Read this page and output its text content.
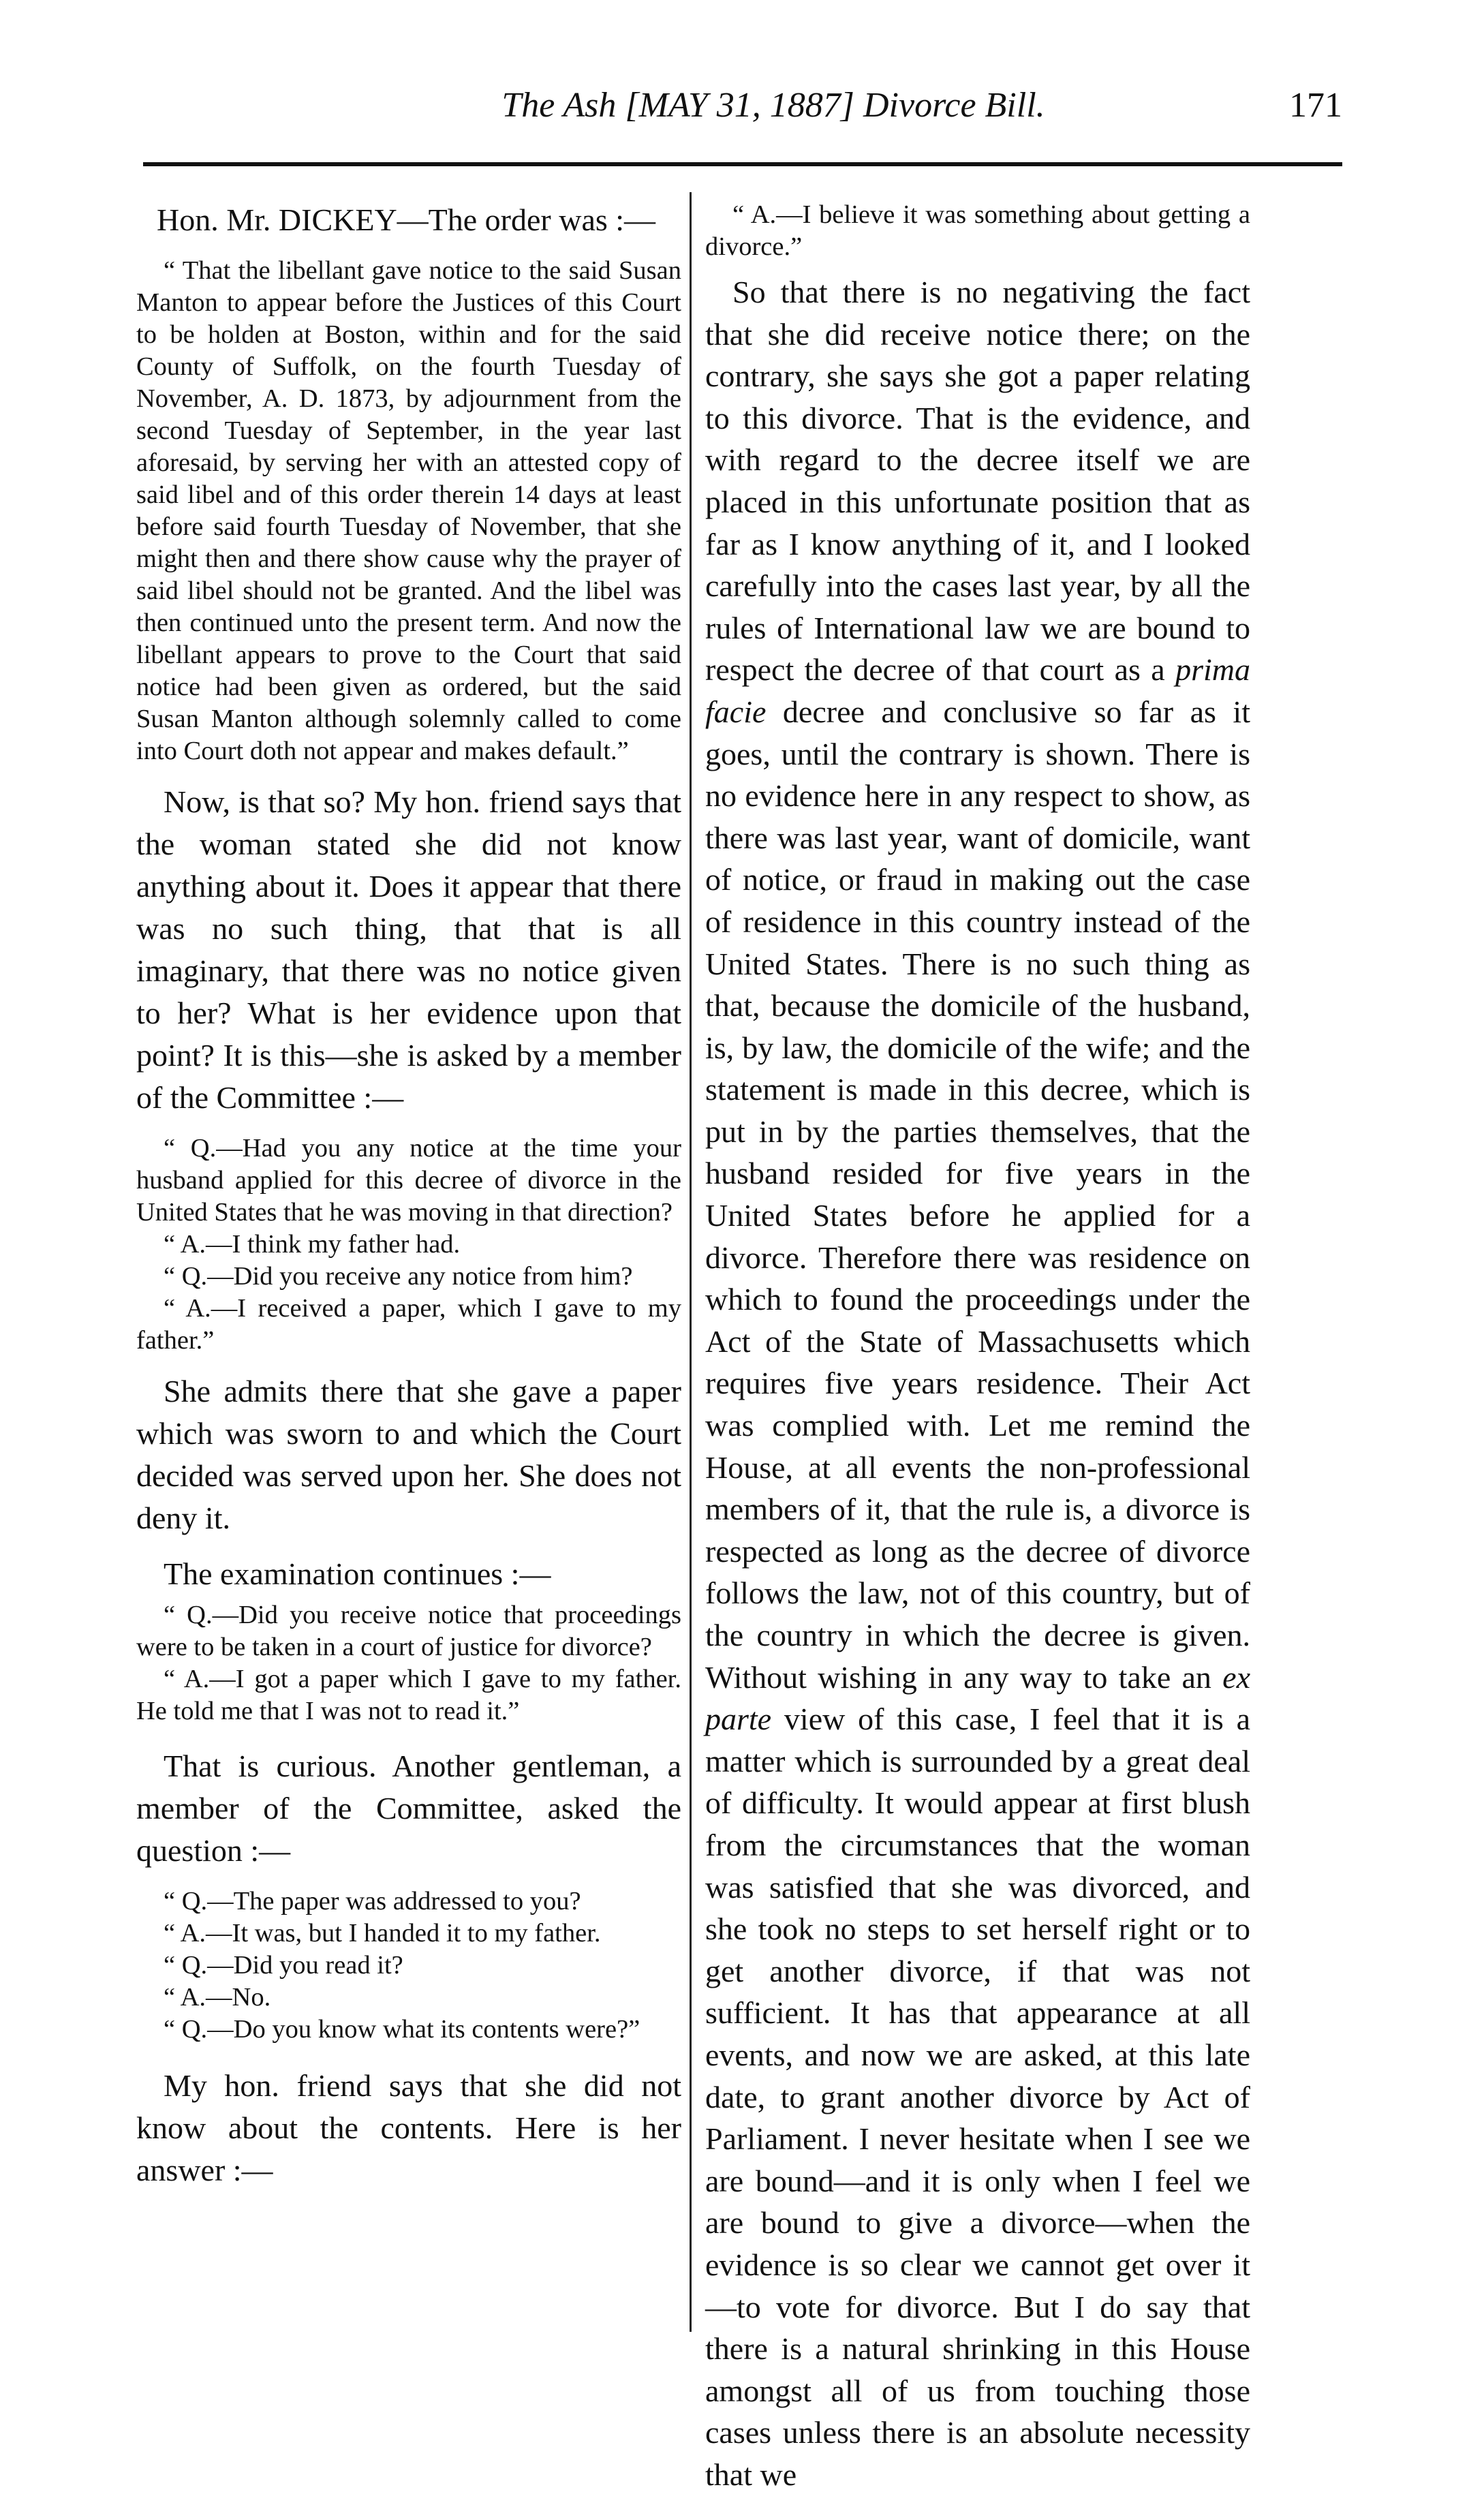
The Ash [MAY 31, 1887] Divorce Bill.	171

Hon. Mr. DICKEY—The order was :—

“ That the libellant gave notice to the said Susan Manton to appear before the Justices of this Court to be holden at Boston, within and for the said County of Suffolk, on the fourth Tuesday of November, A. D. 1873, by adjournment from the second Tuesday of September, in the year last aforesaid, by serving her with an attested copy of said libel and of this order therein 14 days at least before said fourth Tuesday of November, that she might then and there show cause why the prayer of said libel should not be granted. And the libel was then continued unto the present term. And now the libellant appears to prove to the Court that said notice had been given as ordered, but the said Susan Manton although solemnly called to come into Court doth not appear and makes default.”

Now, is that so? My hon. friend says that the woman stated she did not know anything about it. Does it appear that there was no such thing, that that is all imaginary, that there was no notice given to her? What is her evidence upon that point? It is this—she is asked by a member of the Committee :—

“ Q.—Had you any notice at the time your husband applied for this decree of divorce in the United States that he was moving in that direction?

“ A.—I think my father had.

“ Q.—Did you receive any notice from him?

“ A.—I received a paper, which I gave to my father.”

She admits there that she gave a paper which was sworn to and which the Court decided was served upon her. She does not deny it.

The examination continues :—

“ Q.—Did you receive notice that proceedings were to be taken in a court of justice for divorce?

“ A.—I got a paper which I gave to my father. He told me that I was not to read it.”

That is curious. Another gentleman, a member of the Committee, asked the question :—

“ Q.—The paper was addressed to you?

“ A.—It was, but I handed it to my father.

“ Q.—Did you read it?

“ A.—No.

“ Q.—Do you know what its contents were?”

My hon. friend says that she did not know about the contents. Here is her answer :—

“ A.—I believe it was something about getting a divorce.”

So that there is no negativing the fact that she did receive notice there; on the contrary, she says she got a paper relating to this divorce. That is the evidence, and with regard to the decree itself we are placed in this unfortunate position that as far as I know anything of it, and I looked carefully into the cases last year, by all the rules of International law we are bound to respect the decree of that court as a prima facie decree and conclusive so far as it goes, until the contrary is shown. There is no evidence here in any respect to show, as there was last year, want of domicile, want of notice, or fraud in making out the case of residence in this country instead of the United States. There is no such thing as that, because the domicile of the husband, is, by law, the domicile of the wife; and the statement is made in this decree, which is put in by the parties themselves, that the husband resided for five years in the United States before he applied for a divorce. Therefore there was residence on which to found the proceedings under the Act of the State of Massachusetts which requires five years residence. Their Act was complied with. Let me remind the House, at all events the non-professional members of it, that the rule is, a divorce is respected as long as the decree of divorce follows the law, not of this country, but of the country in which the decree is given. Without wishing in any way to take an ex parte view of this case, I feel that it is a matter which is surrounded by a great deal of difficulty. It would appear at first blush from the circumstances that the woman was satisfied that she was divorced, and she took no steps to set herself right or to get another divorce, if that was not sufficient. It has that appearance at all events, and now we are asked, at this late date, to grant another divorce by Act of Parliament. I never hesitate when I see we are bound—and it is only when I feel we are bound to give a divorce—when the evidence is so clear we cannot get over it—to vote for divorce. But I do say that there is a natural shrinking in this House amongst all of us from touching those cases unless there is an absolute necessity that we
